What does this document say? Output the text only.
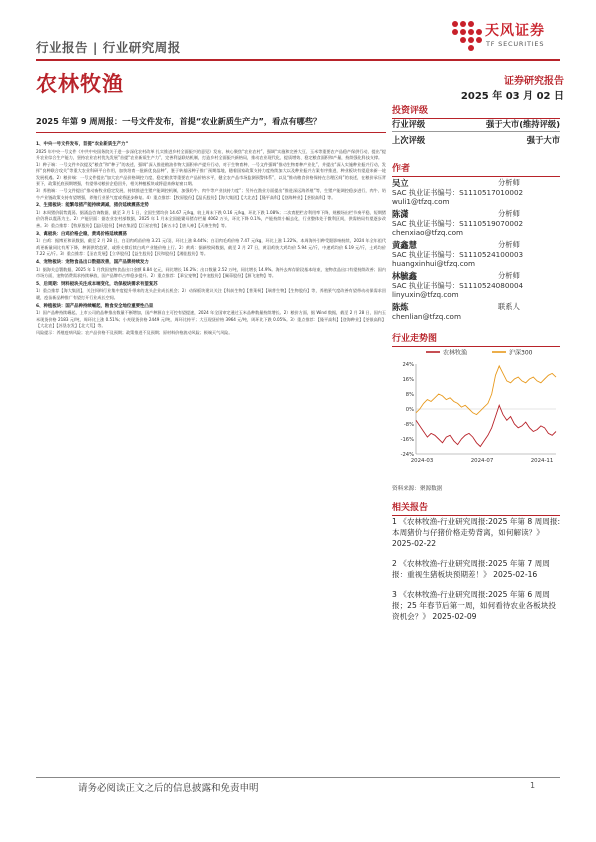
行业报告 | 行业研究周报
天风证券
TF SECURITIES
农林牧渔	证券研究报告
2025 年 03 月 02 日
2025 年第 9 周周报：一号文件发布，首提“农业新质生产力”，看点有哪些？

1、中央一号文件发布，首提“农业新质生产力”

2025 年中央一号文件《中共中央国务院关于进一步深化农村改革 扎实推进乡村全面振兴的意见》发布，核心聚焦“农业农村”，强调“实施和完善大豆、玉米等重要农产品稳产保供行动，提出“提升农业综合生产能力，坚持农业农村优先发展”首提“农业新质生产力”，完善利益联结机制，打造乡村全面振兴新格局，推动农业现代化、提质增效、稳定粮食面积和产量，持续强化科技支撑。

1）种子端：一号文件多次提及“粮食”和“种子”的表述，强调“深入推进粮油作物大面积单产提升行动，对于生物育种、一号文件强调“推动生物育种产业化”，并提出“深入实施种业振兴行动，发挥“良种联合攻关”等重大农业科研平台作用，加快培育一批新优良品种”，鉴于转基因种子推广预期落地，随着国家政策支持力度持续加大以及种业振兴方案有序推进，种业板块有望迎来新一轮发展机遇。2）粮价端：一号文件提出“加大农产品价格调控力度，稳定粮食等重要农产品价格水平，健全农产品市场监测预警体系”，以及“推动粮食价格保持在合理区间”的表述，在粮价承压背景下，政策托底预期增强，有望带动粮价企稳回升，相关种植板块或将迎来修复窗口期。

3）养殖端：一号文件提出“推动畜牧业稳定发展，持续推进生猪产能调控机制，加强奶牛、肉牛等产业扶持力度”；另外在渔业方面提出“推进深远海养殖”等，生猪产能调控稳步进行，肉牛、奶牛产业链政策支持有望增强，养殖行业景气度或将逐步修复。4）重点推荐：【牧原股份】【温氏股份】【海大集团】【大北农】【隆平高科】【登海种业】【荃银高科】等。

2、生猪板块：能繁母猪产能持续调减，猪价延续震荡走势

1）本周猪价弱势震荡。据涌益咨询数据，截至 3 月 1 日，全国生猪均价 14.67 元/kg，较上周末下跌 0.16 元/kg，环比下跌 1.08%；二次育肥栏舍利用率下降，规模场出栏节奏平稳，短期猪价仍将以震荡为主。2）产能层面：据农业农村部数据，2025 年 1 月末全国能繁母猪存栏量 4062 万头，环比下降 0.1%，产能持续小幅去化，行业整体处于微利区间，供需格局有望逐步改善。3）重点推荐：【牧原股份】【温氏股份】【神农集团】【巨星农牧】【新五丰】【唐人神】【天康生物】等。

3、禽板块：白鸡价格企稳，黄鸡价格延续震荡

1）白鸡：据博亚和讯数据，截至 2 月 28 日，白羽肉鸡苗价格 3.21 元/羽，环比上涨 8.44%；白羽肉毛鸡价格 7.47 元/kg，环比上涨 1.22%。本周海外引种受限影响持续，2024 年全年祖代鸡更新量同比有所下降，种源供给趋紧，或将支撑后续白鸡产业链价格上行。2）黄鸡：据新牧网数据，截至 2 月 27 日，黄羽鸡快大鸡均价 5.94 元/斤，中速鸡均价 6.19 元/斤，土鸡均价 7.22 元/斤。3）重点推荐：【圣农发展】【立华股份】【益生股份】【民和股份】【湘佳股份】等。

4、宠物板块：宠物食品出口数据改善，国产品牌持续发力

1）据海关总署数据，2025 年 1 月我国宠物食品出口金额 8.84 亿元，同比增长 16.2%；出口数量 2.52 万吨，同比增长 14.9%。海外去库存阶段基本结束，宠物食品出口有望持续改善；国内市场方面，宠物消费需求持续释放，国产品牌市占率稳步提升。2）重点推荐：【乖宝宠物】【中宠股份】【佩蒂股份】【源飞宠物】等。

5、后周期：饲料板块关注成本端变化，动保板块需求有望复苏

1）重点推荐【海大集团】，关注饲料行业集中度提升带来的龙头企业成长机会；2）动保板块建议关注【科前生物】【普莱柯】【瑞普生物】【生物股份】等，养殖景气度改善有望带动动保需求回暖，疫苗新品种推广有望打开行业成长空间。

6、种植板块：国产品种持续崛起，粮食安全地位重要性凸显

1）国产品种持续崛起，上市公司的品种推出数量不断增加，国产种源自主可控有望提速，2024 年全国审定通过玉米品种数量持续增长。2）粮价方面，据 Wind 数据，截至 2 月 28 日，国内玉米现货价格 2183 元/吨，周环比上涨 0.51%；小麦现货价格 2449 元/吨，周环比持平；大豆现货价格 3964 元/吨，周环比下跌 0.05%。3）重点推荐：【隆平高科】【登海种业】【荃银高科】【大北农】【苏垦农发】【北大荒】等。

风险提示：养殖疫病风险；农产品价格不及预期；政策推进不及预期；原材料价格波动风险；极端天气风险。

投资评级
行业评级	强于大市(维持评级)
上次评级	强于大市
作者
吴立	分析师
SAC 执业证书编号：S1110517010002
wuli1@tfzq.com
陈潇	分析师
SAC 执业证书编号：S1110519070002
chenxiao@tfzq.com
黄鑫慧	分析师
SAC 执业证书编号：S1110524100003
huangxinhui@tfzq.com
林毓鑫	分析师
SAC 执业证书编号：S1110524080004
linyuxin@tfzq.com
陈炼	联系人
chenlian@tfzq.com
行业走势图
农林牧渔	沪深300
24%
16%
8%
0%
-8%
-16%
-24%
2024-03	2024-07	2024-11
资料来源：聚源数据
相关报告
1 《农林牧渔-行业研究周报:2025 年第 8 周周报: 本周猪价与仔猪价格走势背离，如何解读？》 2025-02-22
2 《农林牧渔-行业研究周报:2025 年第 7 周周报：重视生猪板块预期差！》 2025-02-16
3 《农林牧渔-行业研究周报:2025 年第 6 周周报；25 年春节后第一周，如何看待农业各板块投资机会？》 2025-02-09
请务必阅读正文之后的信息披露和免责申明	1
